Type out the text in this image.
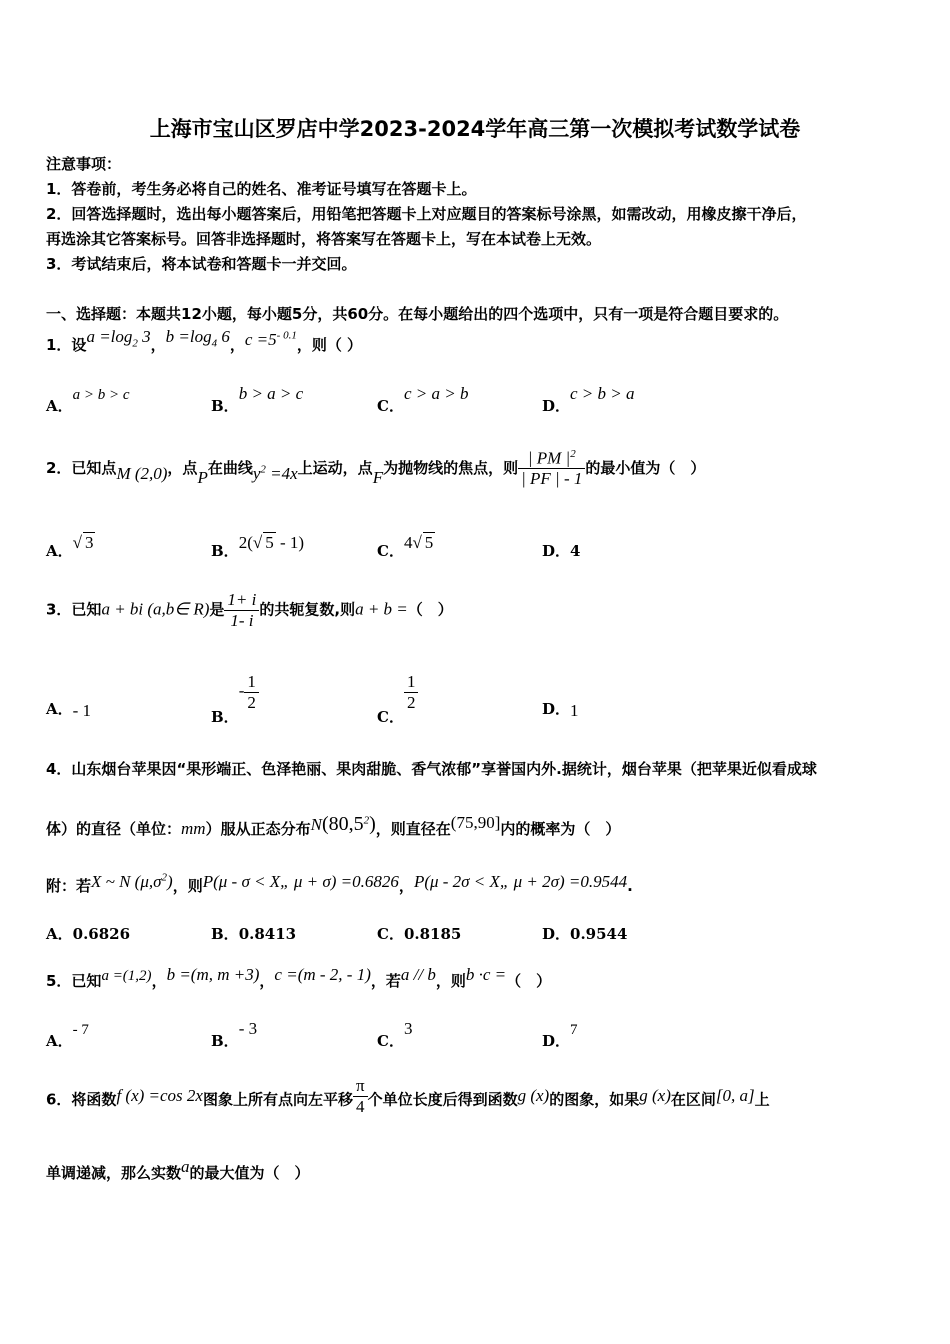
上海市宝山区罗店中学2023-2024学年高三第一次模拟考试数学试卷
注意事项：
1．答卷前，考生务必将自己的姓名、准考证号填写在答题卡上。
2．回答选择题时，选出每小题答案后，用铅笔把答题卡上对应题目的答案标号涂黑，如需改动，用橡皮擦干净后，
再选涂其它答案标号。回答非选择题时，将答案写在答题卡上，写在本试卷上无效。
3．考试结束后，将本试卷和答题卡一并交回。
一、选择题：本题共12小题，每小题5分，共60分。在每小题给出的四个选项中，只有一项是符合题目要求的。
1．设$a =\log_2$ 3，$b =\log_4$ 6，$c =5^{- 0.1}$，则（ ）
A．a > b > c
B．b > a > c
C．c > a > b
D．c > b > a
2．已知点M (2,0)，点P在曲线$y^2 =4x$上运动，点F为抛物线的焦点，则 $\frac{| PM |^2}{| PF | - 1}$ 的最小值为（　）
A．√ 3	B．2(√ 5 - 1)	C．4√ 5	D．4
3．已知a + bi (a,b∈ R)是 $\frac{1+ i}{1- i}$ 的共轭复数,则a + b =（　）
A．- 1	B．- $\frac{1}{2}$
C．
$\frac{1}{2}$	D．1
4．山东烟台苹果因“果形端正、色泽艳丽、果肉甜脆、香气浓郁”享誉国内外.据统计，烟台苹果（把苹果近似看成球
体）的直径（单位：mm）服从正态分布N(80,5$^2$)，则直径在(75,90]内的概率为（　）
附：若X ~ N $(\mu,\sigma^2)$，则P(μ - σ < X„ μ + σ) =0.6826，P(μ - 2σ < X„ μ + 2σ) =0.9544.
A．0.6826	B．0.8413	C．0.8185	D．0.9544
5．已知a =(1,2)，b =(m, m +3)，c =(m - 2, - 1)，若a // b，则b ·c =（　）
A．- 7
B．- 3
C．3
D．7
6．将函数f (x) =cos 2x图象上所有点向左平移 $\frac{\pi}{4}$ 个单位长度后得到函数g (x)的图象，如果g (x)在区间[0, a]上
单调递减，那么实数a的最大值为（　）
